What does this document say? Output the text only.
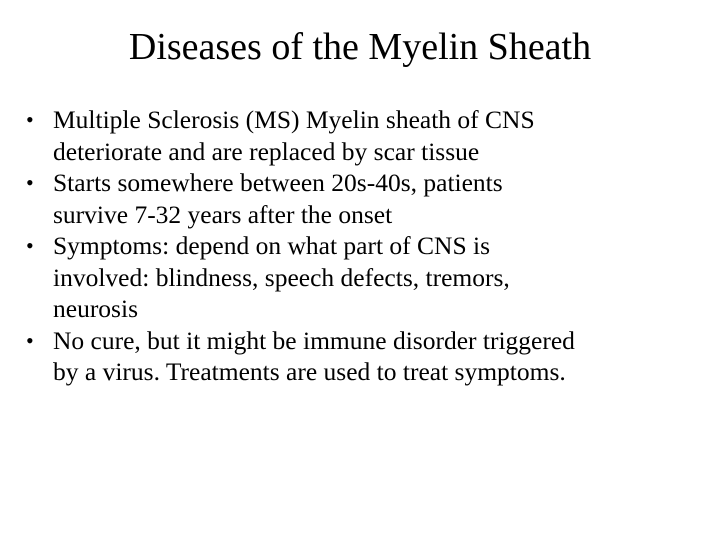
Diseases of the Myelin Sheath
• Multiple Sclerosis (MS) Myelin sheath of CNS
deteriorate and are replaced by scar tissue
• Starts somewhere between 20s-40s, patients
survive 7-32 years after the onset
• Symptoms: depend on what part of CNS is
involved: blindness, speech defects, tremors,
neurosis
• No cure, but it might be immune disorder triggered
by a virus. Treatments are used to treat symptoms.
